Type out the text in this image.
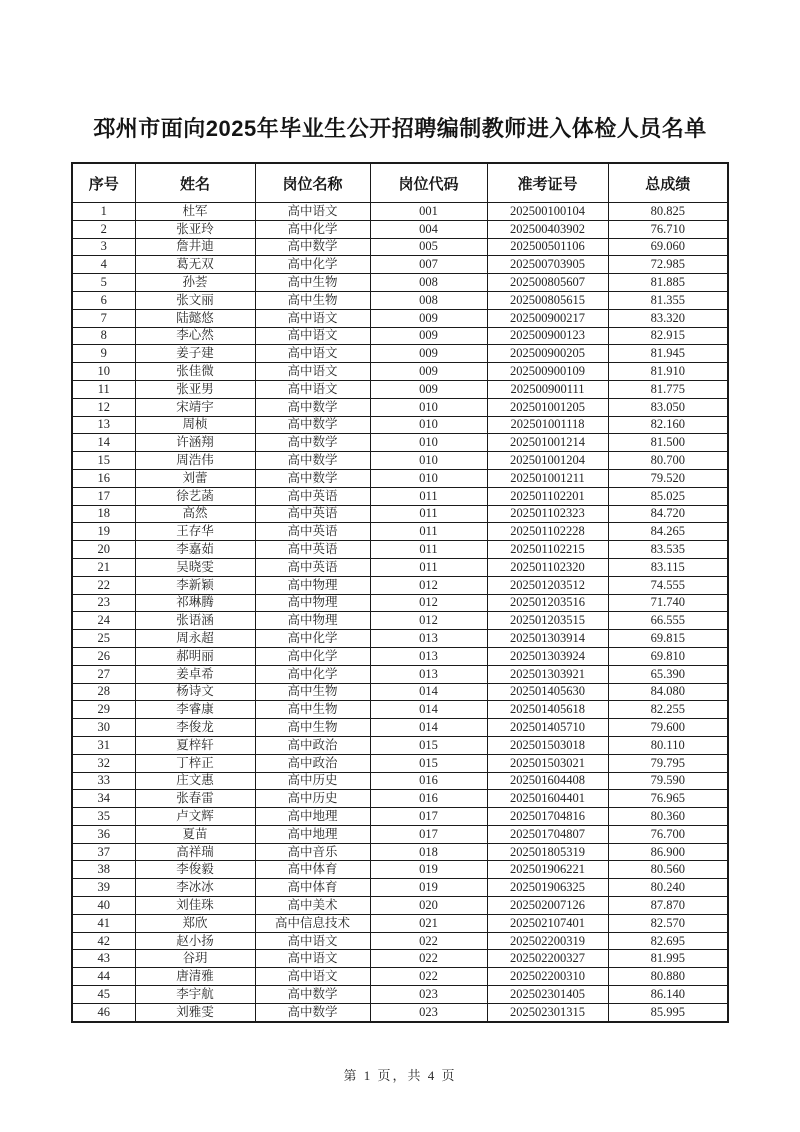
邳州市面向2025年毕业生公开招聘编制教师进入体检人员名单
序号	姓名	岗位名称	岗位代码	准考证号	总成绩
1	杜军	高中语文	001	202500100104	80.825
2	张亚玲	高中化学	004	202500403902	76.710
3	詹井迪	高中数学	005	202500501106	69.060
4	葛无双	高中化学	007	202500703905	72.985
5	孙荟	高中生物	008	202500805607	81.885
6	张文丽	高中生物	008	202500805615	81.355
7	陆懿悠	高中语文	009	202500900217	83.320
8	李心然	高中语文	009	202500900123	82.915
9	姜子建	高中语文	009	202500900205	81.945
10	张佳微	高中语文	009	202500900109	81.910
11	张亚男	高中语文	009	202500900111	81.775
12	宋靖宇	高中数学	010	202501001205	83.050
13	周桢	高中数学	010	202501001118	82.160
14	许涵翔	高中数学	010	202501001214	81.500
15	周浩伟	高中数学	010	202501001204	80.700
16	刘蕾	高中数学	010	202501001211	79.520
17	徐艺菡	高中英语	011	202501102201	85.025
18	高然	高中英语	011	202501102323	84.720
19	王存华	高中英语	011	202501102228	84.265
20	李嘉茹	高中英语	011	202501102215	83.535
21	吴晓雯	高中英语	011	202501102320	83.115
22	李新颖	高中物理	012	202501203512	74.555
23	祁琳腾	高中物理	012	202501203516	71.740
24	张语涵	高中物理	012	202501203515	66.555
25	周永超	高中化学	013	202501303914	69.815
26	郝明丽	高中化学	013	202501303924	69.810
27	姜卓希	高中化学	013	202501303921	65.390
28	杨诗文	高中生物	014	202501405630	84.080
29	李睿康	高中生物	014	202501405618	82.255
30	李俊龙	高中生物	014	202501405710	79.600
31	夏梓轩	高中政治	015	202501503018	80.110
32	丁梓正	高中政治	015	202501503021	79.795
33	庄文惠	高中历史	016	202501604408	79.590
34	张春雷	高中历史	016	202501604401	76.965
35	卢文辉	高中地理	017	202501704816	80.360
36	夏苗	高中地理	017	202501704807	76.700
37	高祥瑞	高中音乐	018	202501805319	86.900
38	李俊毅	高中体育	019	202501906221	80.560
39	李冰冰	高中体育	019	202501906325	80.240
40	刘佳珠	高中美术	020	202502007126	87.870
41	郑欣	高中信息技术	021	202502107401	82.570
42	赵小扬	高中语文	022	202502200319	82.695
43	谷玥	高中语文	022	202502200327	81.995
44	唐清雅	高中语文	022	202502200310	80.880
45	李宇航	高中数学	023	202502301405	86.140
46	刘雅雯	高中数学	023	202502301315	85.995
第 1 页，共 4 页
